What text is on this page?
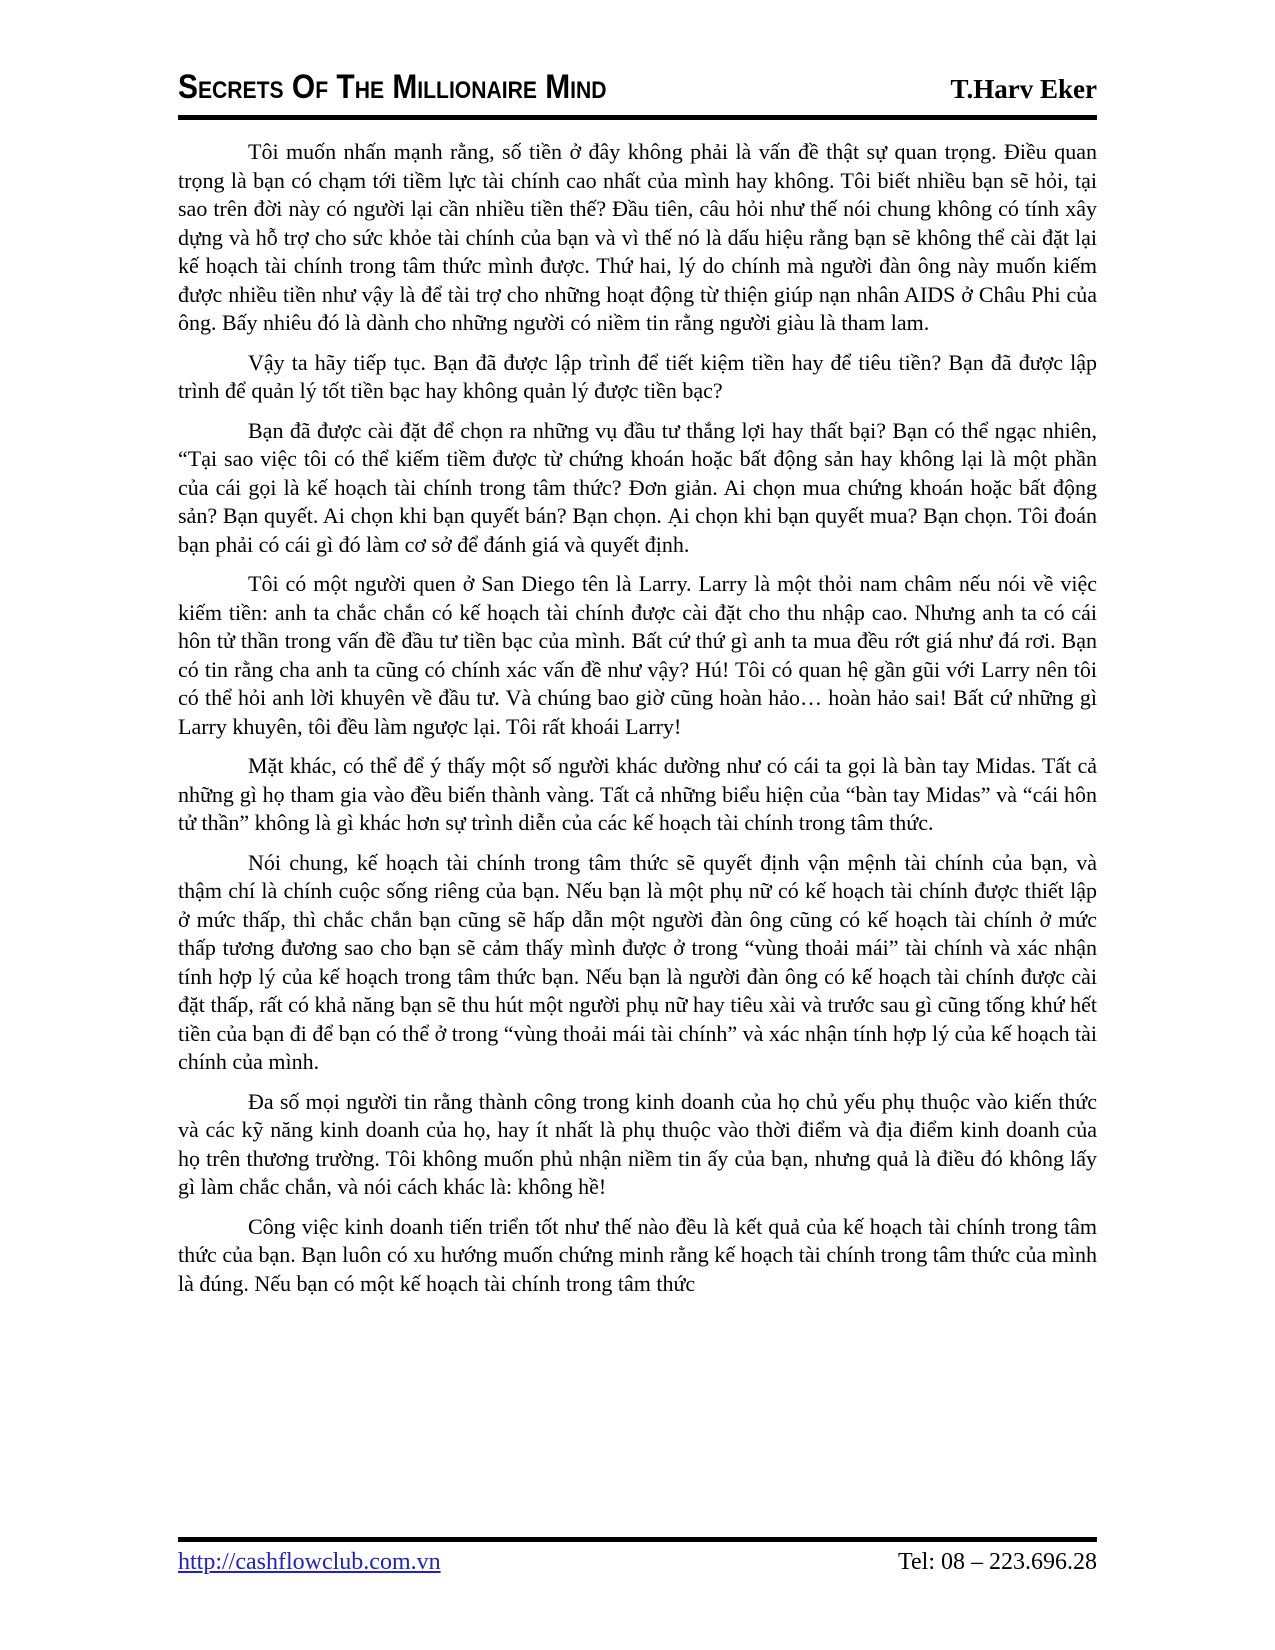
Secrets Of The Millionaire Mind	T.Harv Eker

Tôi muốn nhấn mạnh rằng, số tiền ở đây không phải là vấn đề thật sự quan trọng. Điều quan trọng là bạn có chạm tới tiềm lực tài chính cao nhất của mình hay không. Tôi biết nhiều bạn sẽ hỏi, tại sao trên đời này có người lại cần nhiều tiền thế? Đầu tiên, câu hỏi như thế nói chung không có tính xây dựng và hỗ trợ cho sức khỏe tài chính của bạn và vì thế nó là dấu hiệu rằng bạn sẽ không thể cài đặt lại kế hoạch tài chính trong tâm thức mình được. Thứ hai, lý do chính mà người đàn ông này muốn kiếm được nhiều tiền như vậy là để tài trợ cho những hoạt động từ thiện giúp nạn nhân AIDS ở Châu Phi của ông. Bấy nhiêu đó là dành cho những người có niềm tin rằng người giàu là tham lam.

Vậy ta hãy tiếp tục. Bạn đã được lập trình để tiết kiệm tiền hay để tiêu tiền? Bạn đã được lập trình để quản lý tốt tiền bạc hay không quản lý được tiền bạc?

Bạn đã được cài đặt để chọn ra những vụ đầu tư thắng lợi hay thất bại? Bạn có thể ngạc nhiên, “Tại sao việc tôi có thể kiếm tiềm được từ chứng khoán hoặc bất động sản hay không lại là một phần của cái gọi là kế hoạch tài chính trong tâm thức? Đơn giản. Ai chọn mua chứng khoán hoặc bất động sản? Bạn quyết. Ai chọn khi bạn quyết bán? Bạn chọn. Ại chọn khi bạn quyết mua? Bạn chọn. Tôi đoán bạn phải có cái gì đó làm cơ sở để đánh giá và quyết định.

Tôi có một người quen ở San Diego tên là Larry. Larry là một thỏi nam châm nếu nói về việc kiếm tiền: anh ta chắc chắn có kế hoạch tài chính được cài đặt cho thu nhập cao. Nhưng anh ta có cái hôn tử thần trong vấn đề đầu tư tiền bạc của mình. Bất cứ thứ gì anh ta mua đều rớt giá như đá rơi. Bạn có tin rằng cha anh ta cũng có chính xác vấn đề như vậy? Hú! Tôi có quan hệ gần gũi với Larry nên tôi có thể hỏi anh lời khuyên về đầu tư. Và chúng bao giờ cũng hoàn hảo… hoàn hảo sai! Bất cứ những gì Larry khuyên, tôi đều làm ngược lại. Tôi rất khoái Larry!

Mặt khác, có thể để ý thấy một số người khác dường như có cái ta gọi là bàn tay Midas. Tất cả những gì họ tham gia vào đều biến thành vàng. Tất cả những biểu hiện của “bàn tay Midas” và “cái hôn tử thần” không là gì khác hơn sự trình diễn của các kế hoạch tài chính trong tâm thức.

Nói chung, kế hoạch tài chính trong tâm thức sẽ quyết định vận mệnh tài chính của bạn, và thậm chí là chính cuộc sống riêng của bạn. Nếu bạn là một phụ nữ có kế hoạch tài chính được thiết lập ở mức thấp, thì chắc chắn bạn cũng sẽ hấp dẫn một người đàn ông cũng có kế hoạch tài chính ở mức thấp tương đương sao cho bạn sẽ cảm thấy mình được ở trong “vùng thoải mái” tài chính và xác nhận tính hợp lý của kế hoạch trong tâm thức bạn. Nếu bạn là người đàn ông có kế hoạch tài chính được cài đặt thấp, rất có khả năng bạn sẽ thu hút một người phụ nữ hay tiêu xài và trước sau gì cũng tống khứ hết tiền của bạn đi để bạn có thể ở trong “vùng thoải mái tài chính” và xác nhận tính hợp lý của kế hoạch tài chính của mình.

Đa số mọi người tin rằng thành công trong kinh doanh của họ chủ yếu phụ thuộc vào kiến thức và các kỹ năng kinh doanh của họ, hay ít nhất là phụ thuộc vào thời điểm và địa điểm kinh doanh của họ trên thương trường. Tôi không muốn phủ nhận niềm tin ấy của bạn, nhưng quả là điều đó không lấy gì làm chắc chắn, và nói cách khác là: không hề!

Công việc kinh doanh tiến triển tốt như thế nào đều là kết quả của kế hoạch tài chính trong tâm thức của bạn. Bạn luôn có xu hướng muốn chứng minh rằng kế hoạch tài chính trong tâm thức của mình là đúng. Nếu bạn có một kế hoạch tài chính trong tâm thức

http://cashflowclub.com.vn	Tel: 08 – 223.696.28
